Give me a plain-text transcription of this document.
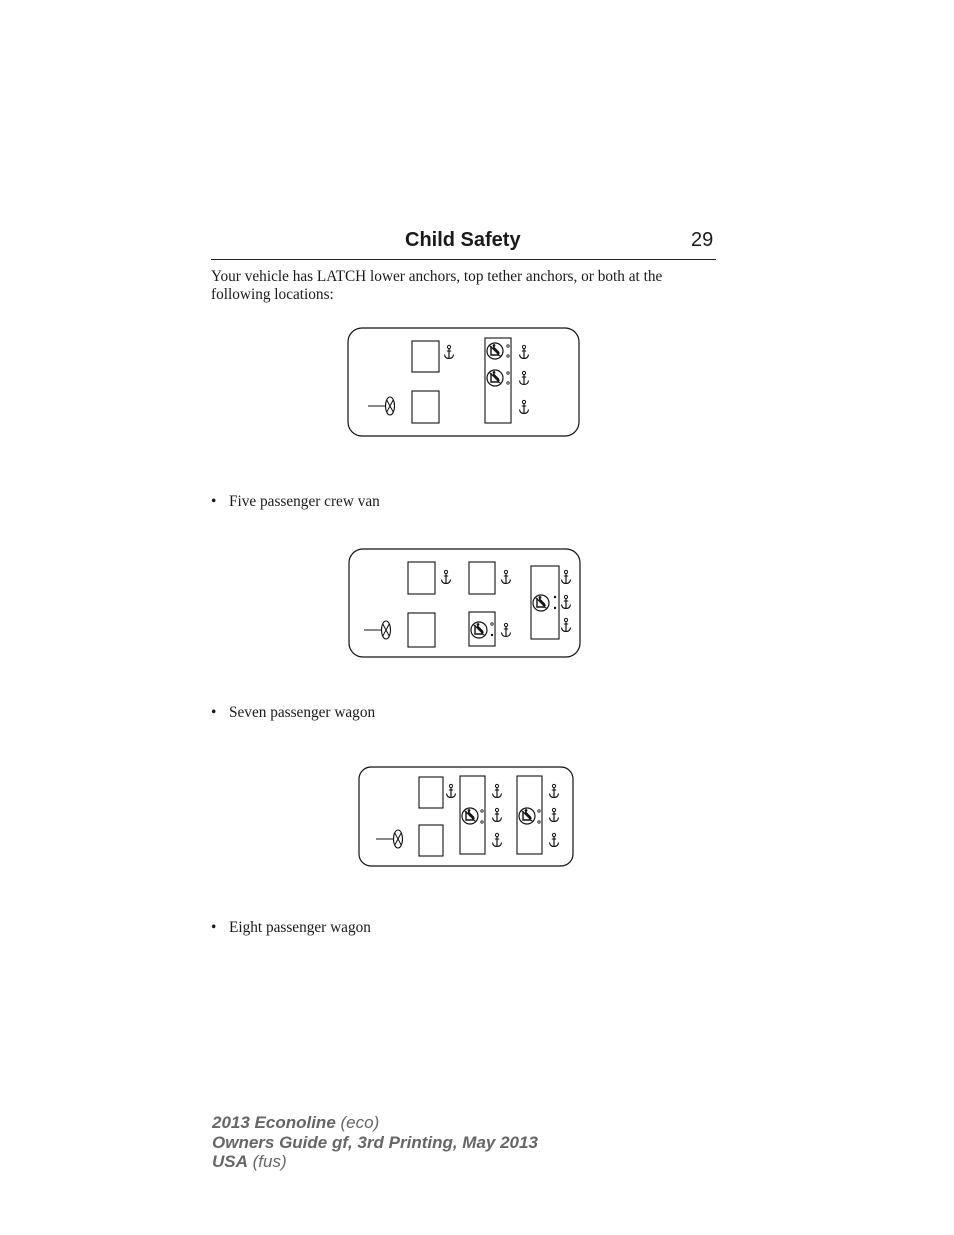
Child Safety	29

Your vehicle has LATCH lower anchors, top tether anchors, or both at the following locations:

• Five passenger crew van
• Seven passenger wagon
• Eight passenger wagon
2013 Econoline (eco)
Owners Guide gf, 3rd Printing, May 2013
USA (fus)
